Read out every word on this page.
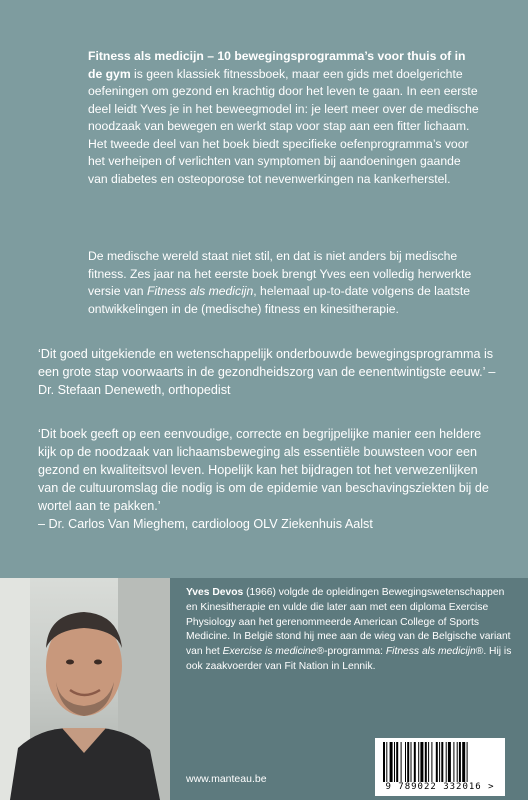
Fitness als medicijn – 10 bewegingsprogramma’s voor thuis of in de gym is geen klassiek fitnessboek, maar een gids met doelgerichte oefeningen om gezond en krachtig door het leven te gaan. In een eerste deel leidt Yves je in het beweegmodel in: je leert meer over de medische noodzaak van bewegen en werkt stap voor stap aan een fitter lichaam. Het tweede deel van het boek biedt specifieke oefenprogramma’s voor het verheipen of verlichten van symptomen bij aandoeningen gaande van diabetes en osteoporose tot nevenwerkingen na kankerherstel.

De medische wereld staat niet stil, en dat is niet anders bij medische fitness. Zes jaar na het eerste boek brengt Yves een volledig herwerkte versie van Fitness als medicijn, helemaal up-to-date volgens de laatste ontwikkelingen in de (medische) fitness en kinesitherapie.

‘Dit goed uitgekiende en wetenschappelijk onderbouwde bewegingsprogramma is een grote stap voorwaarts in de gezondheidszorg van de eenentwintigste eeuw.’ – Dr. Stefaan Deneweth, orthopedist

‘Dit boek geeft op een eenvoudige, correcte en begrijpelijke manier een heldere kijk op de noodzaak van lichaamsbeweging als essentiële bouwsteen voor een gezond en kwaliteitsvol leven. Hopelijk kan het bijdragen tot het verwezenlijken van de cultuuromslag die nodig is om de epidemie van beschavingsziekten bij de wortel aan te pakken.’
– Dr. Carlos Van Mieghem, cardioloog OLV Ziekenhuis Aalst

Yves Devos (1966) volgde de opleidingen Bewegingswetenschappen en Kinesitherapie en vulde die later aan met een diploma Exercise Physiology aan het gerenommeerde American College of Sports Medicine. In België stond hij mee aan de wieg van de Belgische variant van het Exercise is medicine®-programma: Fitness als medicijn®. Hij is ook zaakvoerder van Fit Nation in Lennik.

www.manteau.be

9 789022 332016 >
